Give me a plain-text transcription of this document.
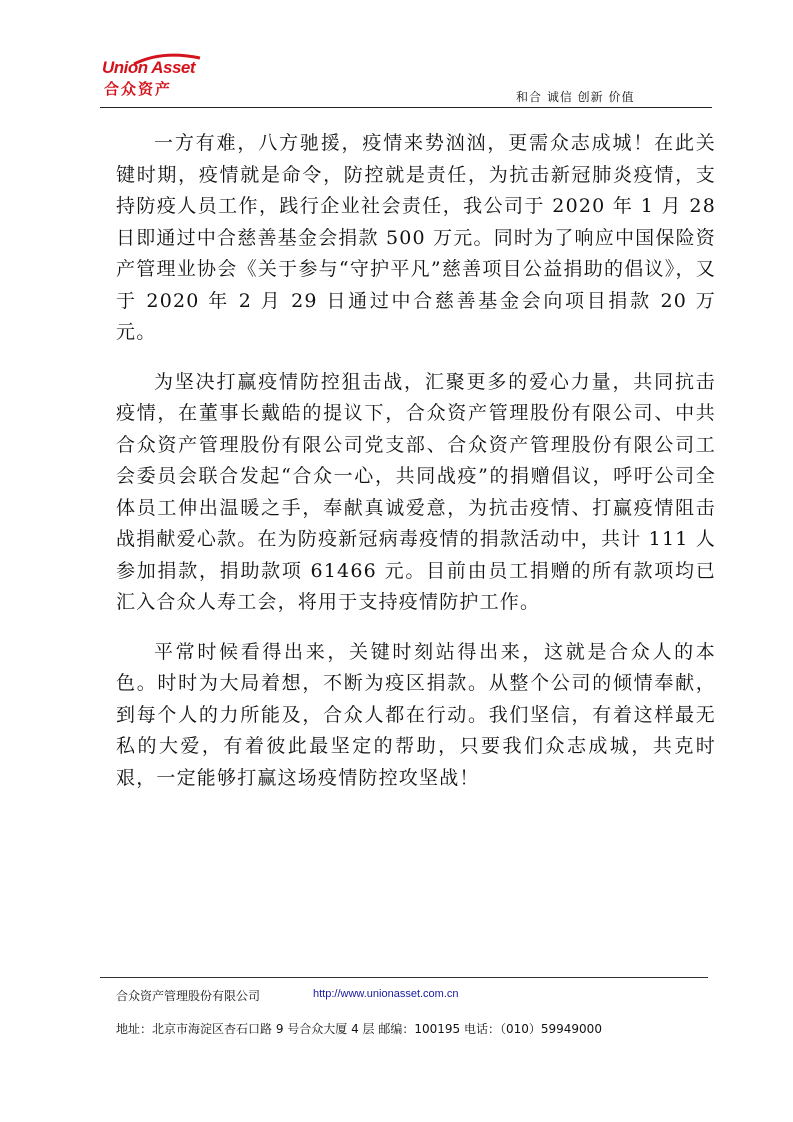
Union Asset
合众资产	和合 诚信 创新 价值

一方有难，八方驰援，疫情来势汹汹，更需众志成城！在此关键时期，疫情就是命令，防控就是责任，为抗击新冠肺炎疫情，支持防疫人员工作，践行企业社会责任，我公司于 2020 年 1 月 28 日即通过中合慈善基金会捐款 500 万元。同时为了响应中国保险资产管理业协会《关于参与“守护平凡”慈善项目公益捐助的倡议》，又于 2020 年 2 月 29 日通过中合慈善基金会向项目捐款 20 万元。

为坚决打赢疫情防控狙击战，汇聚更多的爱心力量，共同抗击疫情，在董事长戴皓的提议下，合众资产管理股份有限公司、中共合众资产管理股份有限公司党支部、合众资产管理股份有限公司工会委员会联合发起“合众一心，共同战疫”的捐赠倡议，呼吁公司全体员工伸出温暖之手，奉献真诚爱意，为抗击疫情、打赢疫情阻击战捐献爱心款。在为防疫新冠病毒疫情的捐款活动中，共计 111 人参加捐款，捐助款项 61466 元。目前由员工捐赠的所有款项均已汇入合众人寿工会，将用于支持疫情防护工作。

平常时候看得出来，关键时刻站得出来，这就是合众人的本色。时时为大局着想，不断为疫区捐款。从整个公司的倾情奉献，到每个人的力所能及，合众人都在行动。我们坚信，有着这样最无私的大爱，有着彼此最坚定的帮助，只要我们众志成城，共克时艰，一定能够打赢这场疫情防控攻坚战！

合众资产管理股份有限公司	http://www.unionasset.com.cn
地址：北京市海淀区杏石口路 9 号合众大厦 4 层 邮编：100195 电话：（010）59949000
